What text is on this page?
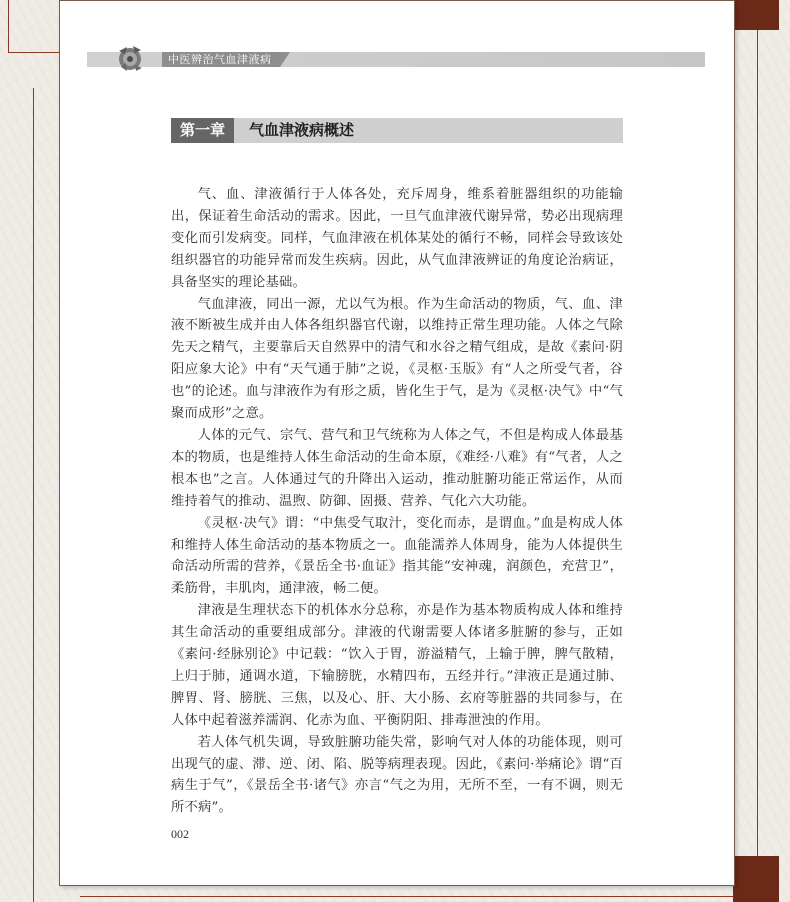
中医辨治气血津液病
第一章	气血津液病概述

气、血、津液循行于人体各处，充斥周身，维系着脏器组织的功能输出，保证着生命活动的需求。因此，一旦气血津液代谢异常，势必出现病理变化而引发病变。同样，气血津液在机体某处的循行不畅，同样会导致该处组织器官的功能异常而发生疾病。因此，从气血津液辨证的角度论治病证，具备坚实的理论基础。

气血津液，同出一源，尤以气为根。作为生命活动的物质，气、血、津液不断被生成并由人体各组织器官代谢，以维持正常生理功能。人体之气除先天之精气，主要靠后天自然界中的清气和水谷之精气组成，是故《素问·阴阳应象大论》中有“天气通于肺”之说，《灵枢·玉版》有“人之所受气者，谷也”的论述。血与津液作为有形之质，皆化生于气，是为《灵枢·决气》中“气聚而成形”之意。

人体的元气、宗气、营气和卫气统称为人体之气，不但是构成人体最基本的物质，也是维持人体生命活动的生命本原，《难经·八难》有“气者，人之根本也”之言。人体通过气的升降出入运动，推动脏腑功能正常运作，从而维持着气的推动、温煦、防御、固摄、营养、气化六大功能。

《灵枢·决气》谓：“中焦受气取汁，变化而赤，是谓血。”血是构成人体和维持人体生命活动的基本物质之一。血能濡养人体周身，能为人体提供生命活动所需的营养，《景岳全书·血证》指其能“安神魂，润颜色，充营卫”，柔筋骨，丰肌肉，通津液，畅二便。

津液是生理状态下的机体水分总称，亦是作为基本物质构成人体和维持其生命活动的重要组成部分。津液的代谢需要人体诸多脏腑的参与，正如《素问·经脉别论》中记载：“饮入于胃，游溢精气，上输于脾，脾气散精，上归于肺，通调水道，下输膀胱，水精四布，五经并行。”津液正是通过肺、脾胃、肾、膀胱、三焦，以及心、肝、大小肠、玄府等脏器的共同参与，在人体中起着滋养濡润、化赤为血、平衡阴阳、排毒泄浊的作用。

若人体气机失调，导致脏腑功能失常，影响气对人体的功能体现，则可出现气的虚、滞、逆、闭、陷、脱等病理表现。因此，《素问·举痛论》谓“百病生于气”，《景岳全书·诸气》亦言“气之为用，无所不至，一有不调，则无所不病”。

002
